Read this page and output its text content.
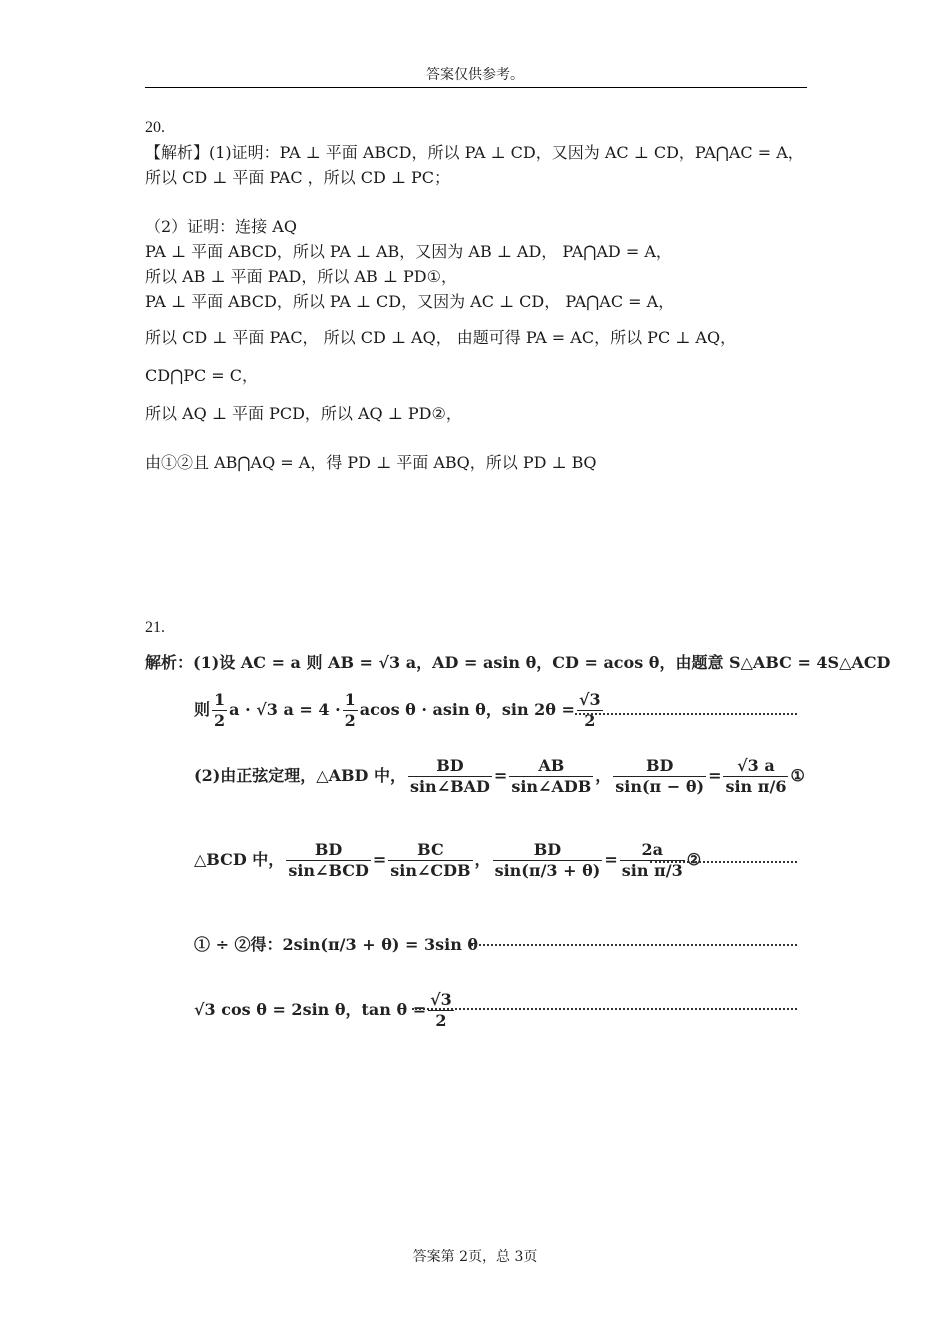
答案仅供参考。
20.
【解析】(1)证明：PA ⊥ 平面 ABCD，所以 PA ⊥ CD，又因为 AC ⊥ CD，PA⋂AC = A，
所以 CD ⊥ 平面 PAC ，所以 CD ⊥ PC；
（2）证明：连接 AQ
PA ⊥ 平面 ABCD，所以 PA ⊥ AB，又因为 AB ⊥ AD， PA⋂AD = A，
所以 AB ⊥ 平面 PAD，所以 AB ⊥ PD①，
PA ⊥ 平面 ABCD，所以 PA ⊥ CD，又因为 AC ⊥ CD， PA⋂AC = A，
所以 CD ⊥ 平面 PAC， 所以 CD ⊥ AQ， 由题可得 PA = AC，所以 PC ⊥ AQ，
CD⋂PC = C，
所以 AQ ⊥ 平面 PCD，所以 AQ ⊥ PD②，
由①②且 AB⋂AQ = A，得 PD ⊥ 平面 ABQ，所以 PD ⊥ BQ
21.
解析：(1)设 AC = a 则 AB = √3 a，AD = asin θ，CD = acos θ，由题意 S△ABC = 4S△ACD
则 $\frac{1}{2}$ a · √3 $a = 4 \cdot \frac{1}{2}$ acos θ · asin θ，$\sin 2\theta = \frac{√3}{2}$
(2)由正弦定理，△ABD 中， $\frac{BD}{\text{sin∠BAD}} = \frac{AB}{\text{sin∠ADB}}$ ， $\frac{BD}{\sin(\pi - \theta)} = \frac{√3 a}{\text{sin π/6}}$ ①
△BCD 中， $\frac{BD}{\text{sin∠BCD}} = \frac{BC}{\text{sin∠CDB}}$ ， $\frac{BD}{\sin(\pi/3 + \theta)} = \frac{2a}{\text{sin π/3}}$ ②
① ÷ ②得：2sin(π/3 + θ) = 3sin θ
√3 cos θ = 2sin θ，$\tan \theta = \frac{√3}{2}$
答案第 2页，总 3页
